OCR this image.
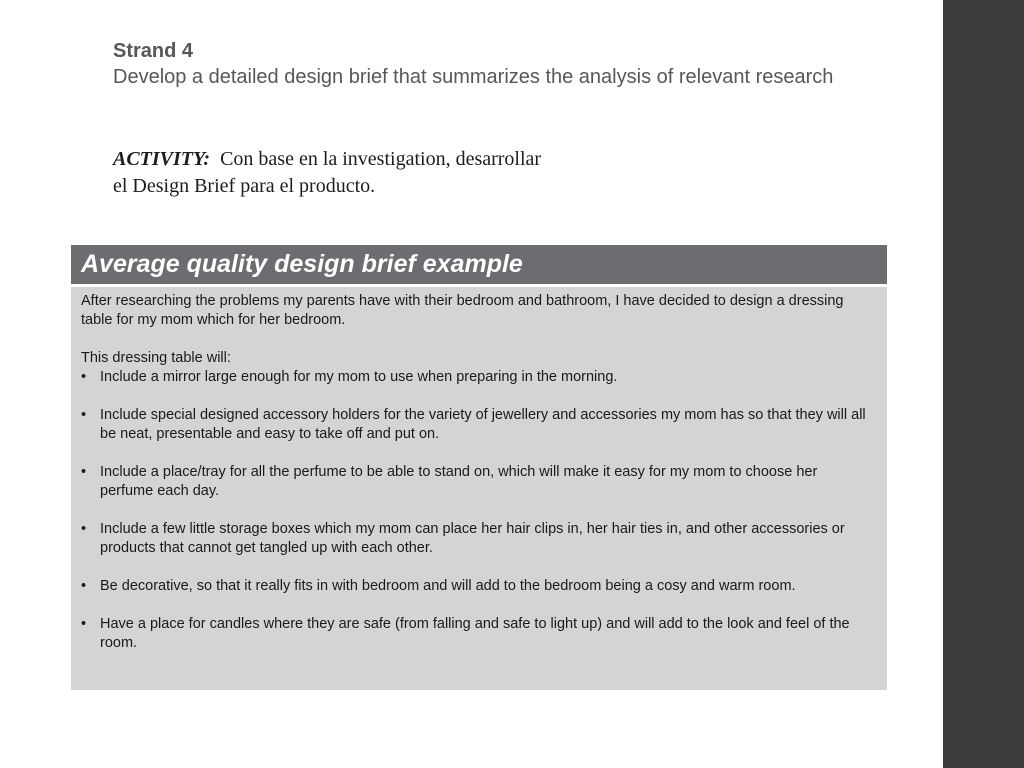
Strand 4
Develop a detailed design brief that summarizes the analysis of relevant research
ACTIVITY: Con base en la investigation, desarrollar
el Design Brief para el producto.
Average quality design brief example

After researching the problems my parents have with their bedroom and bathroom, I have decided to design a dressing table for my mom which for her bedroom.

This dressing table will:

• Include a mirror large enough for my mom to use when preparing in the morning.
• Include special designed accessory holders for the variety of jewellery and accessories my mom has so that they will all be neat, presentable and easy to take off and put on.
• Include a place/tray for all the perfume to be able to stand on, which will make it easy for my mom to choose her perfume each day.
• Include a few little storage boxes which my mom can place her hair clips in, her hair ties in, and other accessories or products that cannot get tangled up with each other.
• Be decorative, so that it really fits in with bedroom and will add to the bedroom being a cosy and warm room.
• Have a place for candles where they are safe (from falling and safe to light up) and will add to the look and feel of the room.
